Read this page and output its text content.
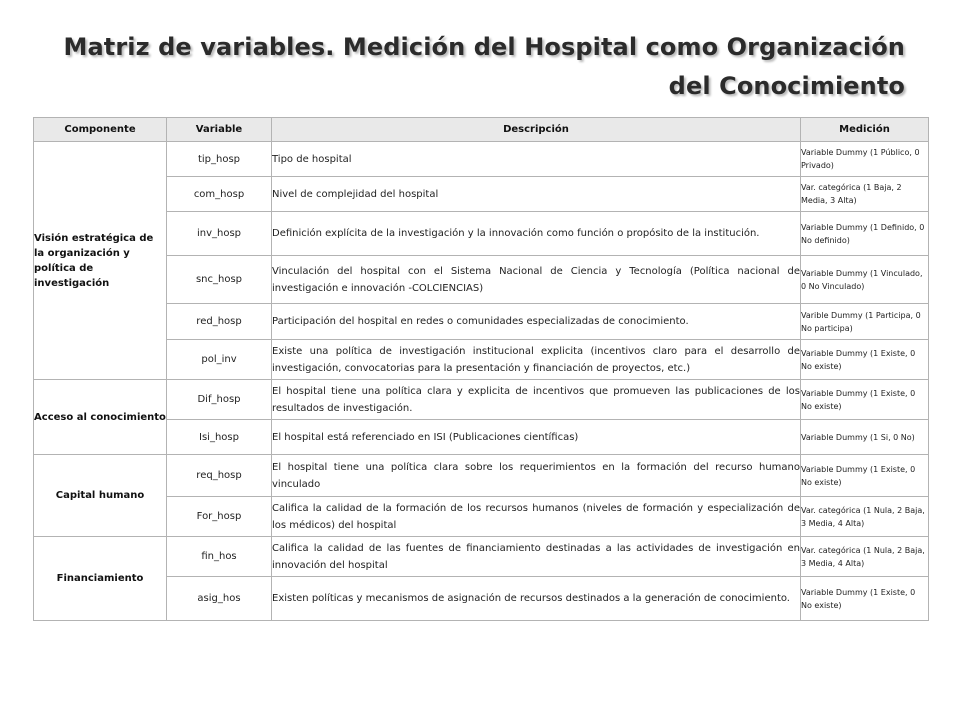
Matriz de variables. Medición del Hospital como Organización del Conocimiento
Componente	Variable	Descripción	Medición
Visión estratégica de la organización y política de investigación	tip_hosp	Tipo de hospital	Variable Dummy (1 Público, 0 Privado)
	com_hosp	Nivel de complejidad del hospital	Var. categórica (1 Baja, 2 Media, 3 Alta)
	inv_hosp	Definición explícita de la investigación y la innovación como función o propósito de la institución.	Variable Dummy (1 Definido, 0 No definido)
	snc_hosp	Vinculación del hospital con el Sistema Nacional de Ciencia y Tecnología (Política nacional de investigación e innovación -COLCIENCIAS)	Variable Dummy (1 Vinculado, 0 No Vinculado)
	red_hosp	Participación del hospital en redes o comunidades especializadas de conocimiento.	Varible Dummy (1 Participa, 0 No participa)
	pol_inv	Existe una política de investigación institucional explicita (incentivos claro para el desarrollo de investigación, convocatorias para la presentación y financiación de proyectos, etc.)	Variable Dummy (1 Existe, 0 No existe)
Acceso al conocimiento	Dif_hosp	El hospital tiene una política clara y explicita de incentivos que promueven las publicaciones de los resultados de investigación.	Variable Dummy (1 Existe, 0 No existe)
	Isi_hosp	El hospital está referenciado en ISI (Publicaciones científicas)	Variable Dummy (1 Si, 0 No)
Capital humano	req_hosp	El hospital tiene una política clara sobre los requerimientos en la formación del recurso humano vinculado	Variable Dummy (1 Existe, 0 No existe)
	For_hosp	Califica la calidad de la formación de los recursos humanos (niveles de formación y especialización de los médicos) del hospital	Var. categórica (1 Nula, 2 Baja, 3 Media, 4 Alta)
Financiamiento	fin_hos	Califica la calidad de las fuentes de financiamiento destinadas a las actividades de investigación en innovación del hospital	Var. categórica (1 Nula, 2 Baja, 3 Media, 4 Alta)
	asig_hos	Existen políticas y mecanismos de asignación de recursos destinados a la generación de conocimiento.	Variable Dummy (1 Existe, 0 No existe)
